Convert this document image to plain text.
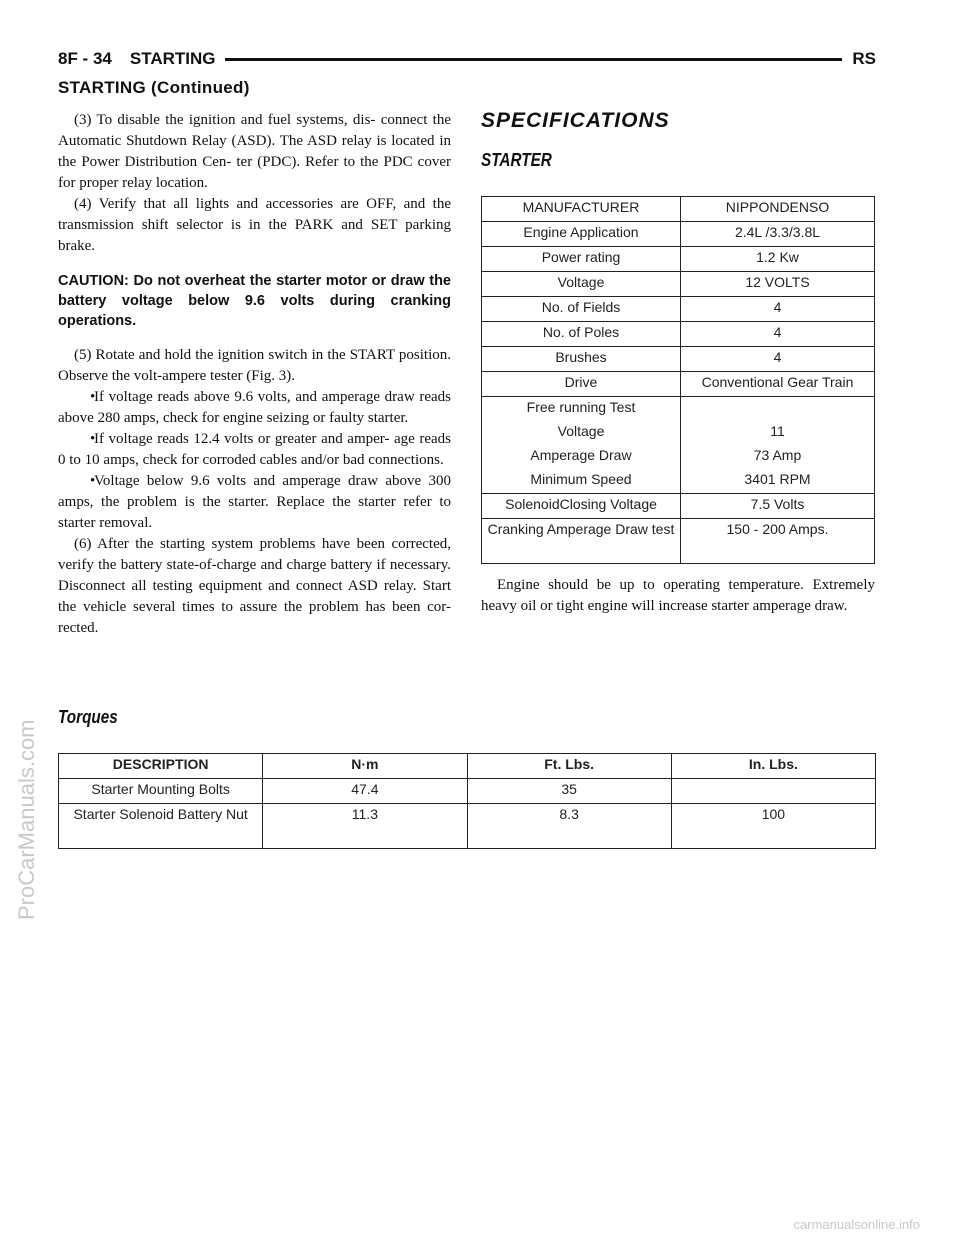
8F - 34 STARTING	RS
STARTING (Continued)

(3) To disable the ignition and fuel systems, dis- connect the Automatic Shutdown Relay (ASD). The ASD relay is located in the Power Distribution Cen- ter (PDC). Refer to the PDC cover for proper relay location.

(4) Verify that all lights and accessories are OFF, and the transmission shift selector is in the PARK and SET parking brake.

CAUTION: Do not overheat the starter motor or draw the battery voltage below 9.6 volts during cranking operations.

(5) Rotate and hold the ignition switch in the START position. Observe the volt-ampere tester (Fig. 3).

•If voltage reads above 9.6 volts, and amperage draw reads above 280 amps, check for engine seizing or faulty starter.

•If voltage reads 12.4 volts or greater and amper- age reads 0 to 10 amps, check for corroded cables and/or bad connections.

•Voltage below 9.6 volts and amperage draw above 300 amps, the problem is the starter. Replace the starter refer to starter removal.

(6) After the starting system problems have been corrected, verify the battery state-of-charge and charge battery if necessary. Disconnect all testing equipment and connect ASD relay. Start the vehicle several times to assure the problem has been cor- rected.

SPECIFICATIONS
STARTER
MANUFACTURER	NIPPONDENSO
Engine Application	2.4L /3.3/3.8L
Power rating	1.2 Kw
Voltage	12 VOLTS
No. of Fields	4
No. of Poles	4
Brushes	4
Drive	Conventional Gear Train
Free running Test	
Voltage	11
Amperage Draw	73 Amp
Minimum Speed	3401 RPM
SolenoidClosing Voltage	7.5 Volts
Cranking Amperage Draw test	150 - 200 Amps.

Engine should be up to operating temperature. Extremely heavy oil or tight engine will increase starter amperage draw.

Torques
DESCRIPTION	N·m	Ft. Lbs.	In. Lbs.
Starter Mounting Bolts	47.4	35	
Starter Solenoid Battery Nut	11.3	8.3	100
ProCarManuals.com
carmanualsonline.info
